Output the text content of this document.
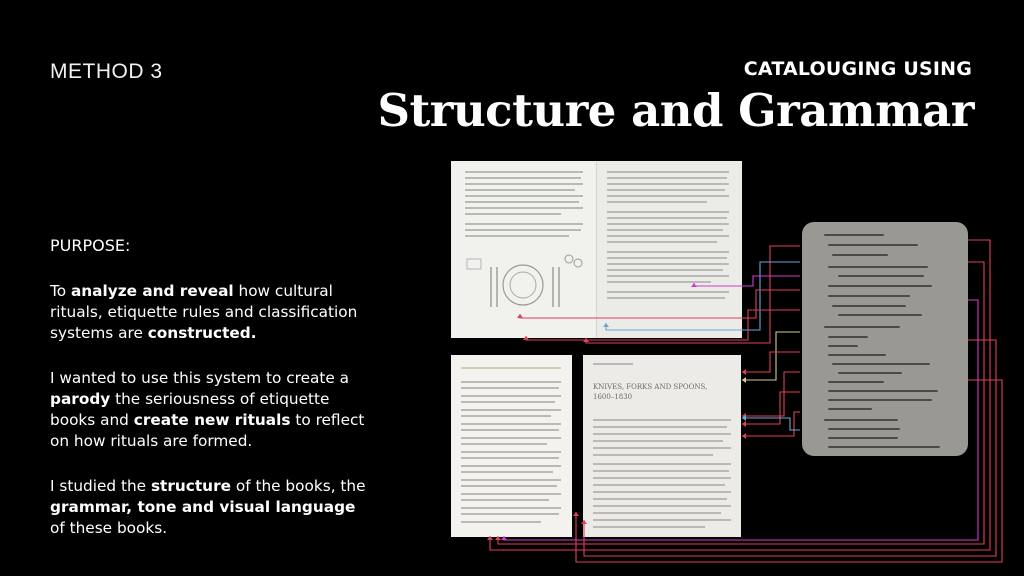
METHOD 3	CATALOUGING USING
Structure and Grammar

PURPOSE:

To analyze and reveal how cultural rituals, etiquette rules and classification systems are constructed.

I wanted to use this system to create a parody the seriousness of etiquette books and create new rituals to reflect on how rituals are formed.

I studied the structure of the books, the grammar, tone and visual language of these books.

KNIVES, FORKS AND SPOONS,
1600–1830
